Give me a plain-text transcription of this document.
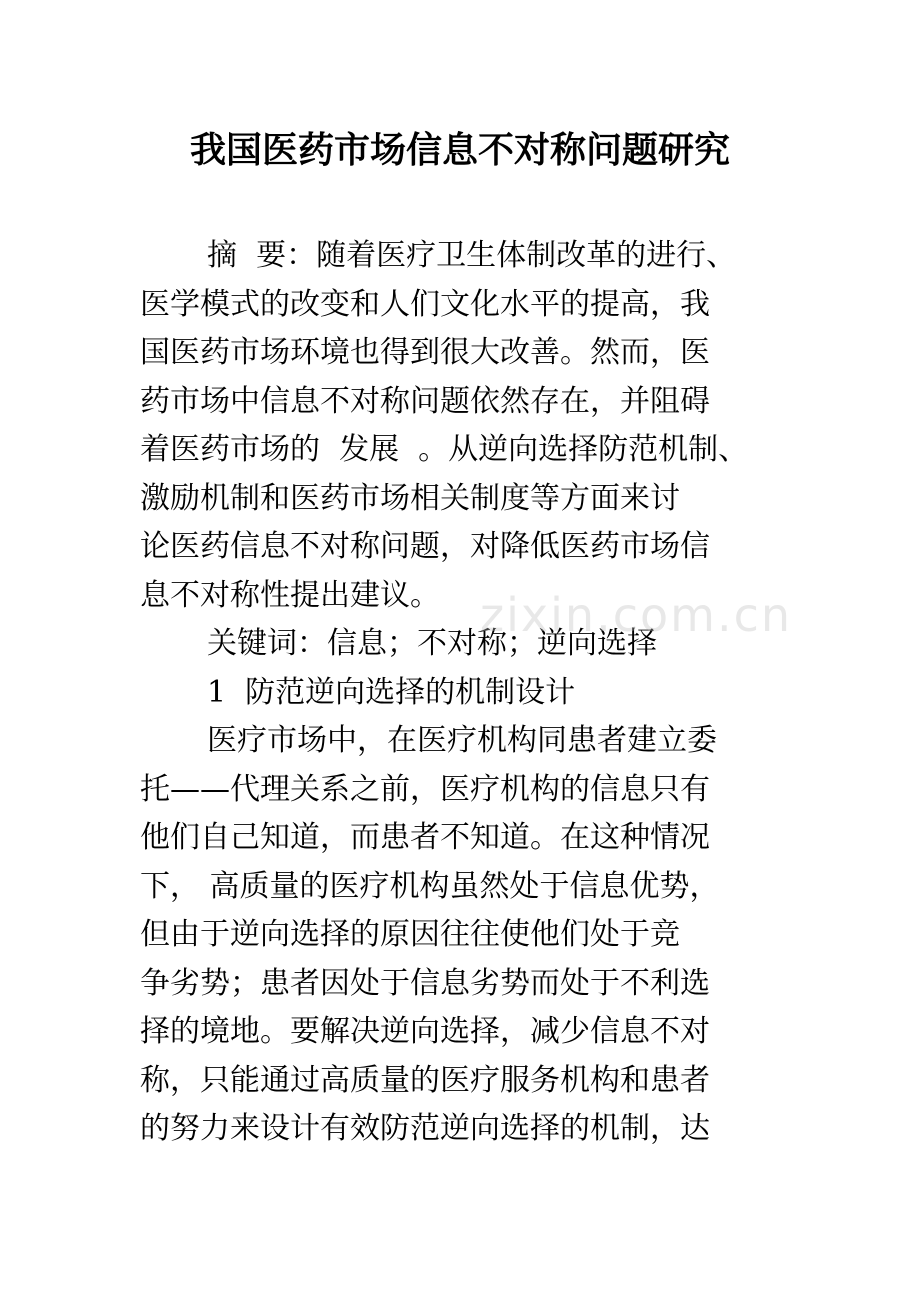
我国医药市场信息不对称问题研究
摘  要：随着医疗卫生体制改革的进行、
医学模式的改变和人们文化水平的提高，我
国医药市场环境也得到很大改善。然而，医
药市场中信息不对称问题依然存在，并阻碍
着医药市场的  发展  。从逆向选择防范机制、
激励机制和医药市场相关制度等方面来讨
论医药信息不对称问题，对降低医药市场信
息不对称性提出建议。
关键词：信息；不对称；逆向选择
1  防范逆向选择的机制设计
医疗市场中，在医疗机构同患者建立委
托——代理关系之前，医疗机构的信息只有
他们自己知道，而患者不知道。在这种情况
下， 高质量的医疗机构虽然处于信息优势，
但由于逆向选择的原因往往使他们处于竞
争劣势；患者因处于信息劣势而处于不利选
择的境地。要解决逆向选择，减少信息不对
称，只能通过高质量的医疗服务机构和患者
的努力来设计有效防范逆向选择的机制，达
zixin.com.cn
